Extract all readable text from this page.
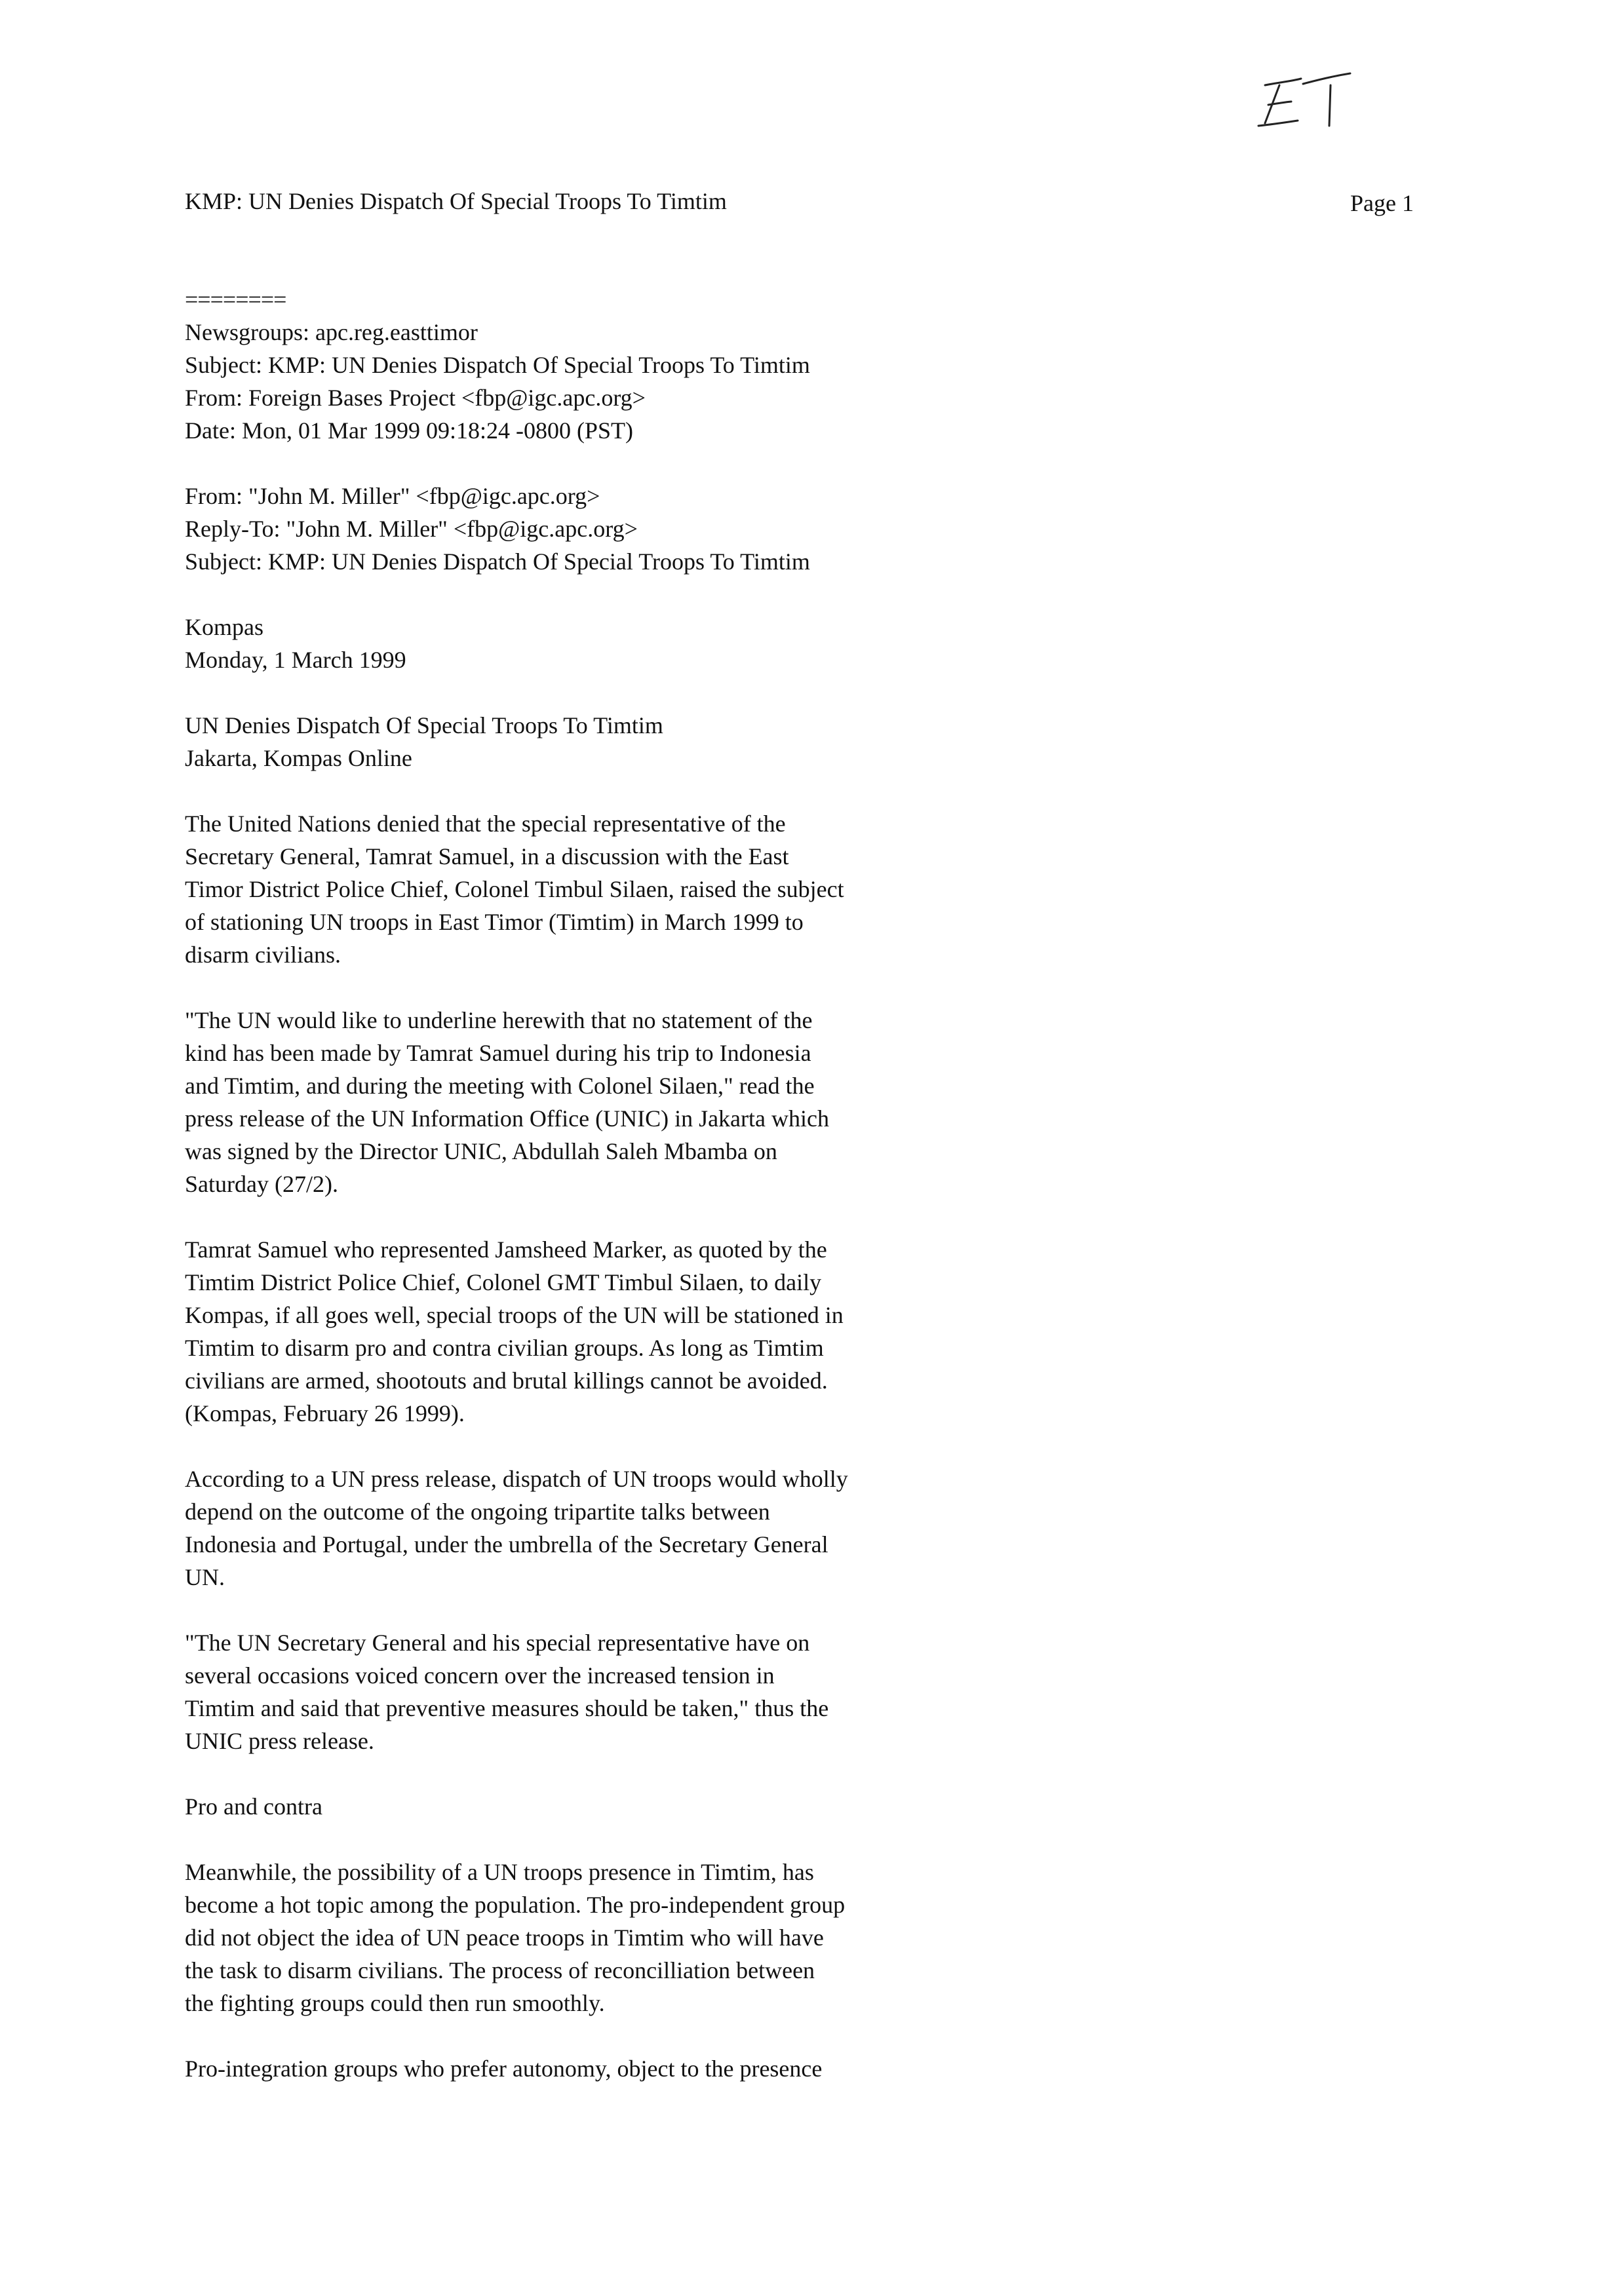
KMP: UN Denies Dispatch Of Special Troops To Timtim	Page 1
========
Newsgroups: apc.reg.easttimor
Subject: KMP: UN Denies Dispatch Of Special Troops To Timtim
From: Foreign Bases Project <fbp@igc.apc.org>
Date: Mon, 01 Mar 1999 09:18:24 -0800 (PST)
From: "John M. Miller" <fbp@igc.apc.org>
Reply-To: "John M. Miller" <fbp@igc.apc.org>
Subject: KMP: UN Denies Dispatch Of Special Troops To Timtim
Kompas
Monday, 1 March 1999
UN Denies Dispatch Of Special Troops To Timtim
Jakarta, Kompas Online
The United Nations denied that the special representative of the
Secretary General, Tamrat Samuel, in a discussion with the East
Timor District Police Chief, Colonel Timbul Silaen, raised the subject
of stationing UN troops in East Timor (Timtim) in March 1999 to
disarm civilians.
"The UN would like to underline herewith that no statement of the
kind has been made by Tamrat Samuel during his trip to Indonesia
and Timtim, and during the meeting with Colonel Silaen," read the
press release of the UN Information Office (UNIC) in Jakarta which
was signed by the Director UNIC, Abdullah Saleh Mbamba on
Saturday (27/2).
Tamrat Samuel who represented Jamsheed Marker, as quoted by the
Timtim District Police Chief, Colonel GMT Timbul Silaen, to daily
Kompas, if all goes well, special troops of the UN will be stationed in
Timtim to disarm pro and contra civilian groups. As long as Timtim
civilians are armed, shootouts and brutal killings cannot be avoided.
(Kompas, February 26 1999).
According to a UN press release, dispatch of UN troops would wholly
depend on the outcome of the ongoing tripartite talks between
Indonesia and Portugal, under the umbrella of the Secretary General
UN.
"The UN Secretary General and his special representative have on
several occasions voiced concern over the increased tension in
Timtim and said that preventive measures should be taken," thus the
UNIC press release.
Pro and contra
Meanwhile, the possibility of a UN troops presence in Timtim, has
become a hot topic among the population. The pro-independent group
did not object the idea of UN peace troops in Timtim who will have
the task to disarm civilians. The process of reconcilliation between
the fighting groups could then run smoothly.
Pro-integration groups who prefer autonomy, object to the presence
